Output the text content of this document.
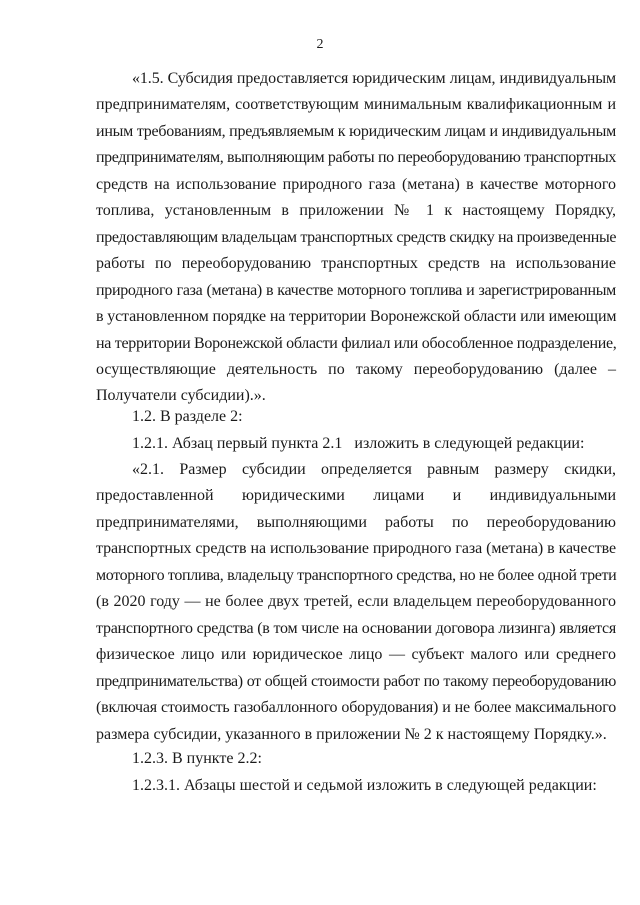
2
«1.5. Субсидия предоставляется юридическим лицам, индивидуальным
предпринимателям, соответствующим минимальным квалификационным и
иным требованиям, предъявляемым к юридическим лицам и индивидуальным
предпринимателям, выполняющим работы по переоборудованию транспортных
средств на использование природного газа (метана) в качестве моторного
топлива, установленным в приложении № 1 к настоящему Порядку,
предоставляющим владельцам транспортных средств скидку на произведенные
работы по переоборудованию транспортных средств на использование
природного газа (метана) в качестве моторного топлива и зарегистрированным
в установленном порядке на территории Воронежской области или имеющим
на территории Воронежской области филиал или обособленное подразделение,
осуществляющие деятельность по такому переоборудованию (далее –
Получатели субсидии).».
1.2. В разделе 2:
1.2.1. Абзац первый пункта 2.1   изложить в следующей редакции:
«2.1. Размер субсидии определяется равным размеру скидки,
предоставленной юридическими лицами и индивидуальными
предпринимателями, выполняющими работы по переоборудованию
транспортных средств на использование природного газа (метана) в качестве
моторного топлива, владельцу транспортного средства, но не более одной трети
(в 2020 году — не более двух третей, если владельцем переоборудованного
транспортного средства (в том числе на основании договора лизинга) является
физическое лицо или юридическое лицо — субъект малого или среднего
предпринимательства) от общей стоимости работ по такому переоборудованию
(включая стоимость газобаллонного оборудования) и не более максимального
размера субсидии, указанного в приложении № 2 к настоящему Порядку.».
1.2.3. В пункте 2.2:
1.2.3.1. Абзацы шестой и седьмой изложить в следующей редакции:
